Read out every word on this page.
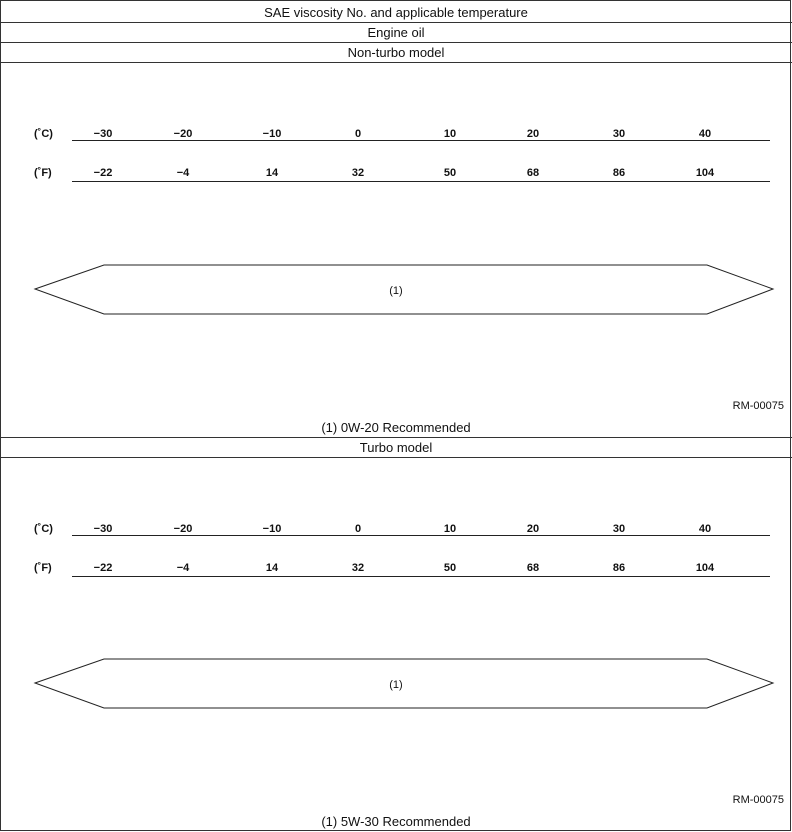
SAE viscosity No. and applicable temperature
Engine oil
Non-turbo model
(˚C)	−30	−20	−10	0	10	20	30	40
(˚F)	−22	−4	14	32	50	68	86	104
(1)
RM-00075
(1) 0W-20 Recommended
Turbo model
(˚C)	−30	−20	−10	0	10	20	30	40
(˚F)	−22	−4	14	32	50	68	86	104
(1)
RM-00075
(1) 5W-30 Recommended
